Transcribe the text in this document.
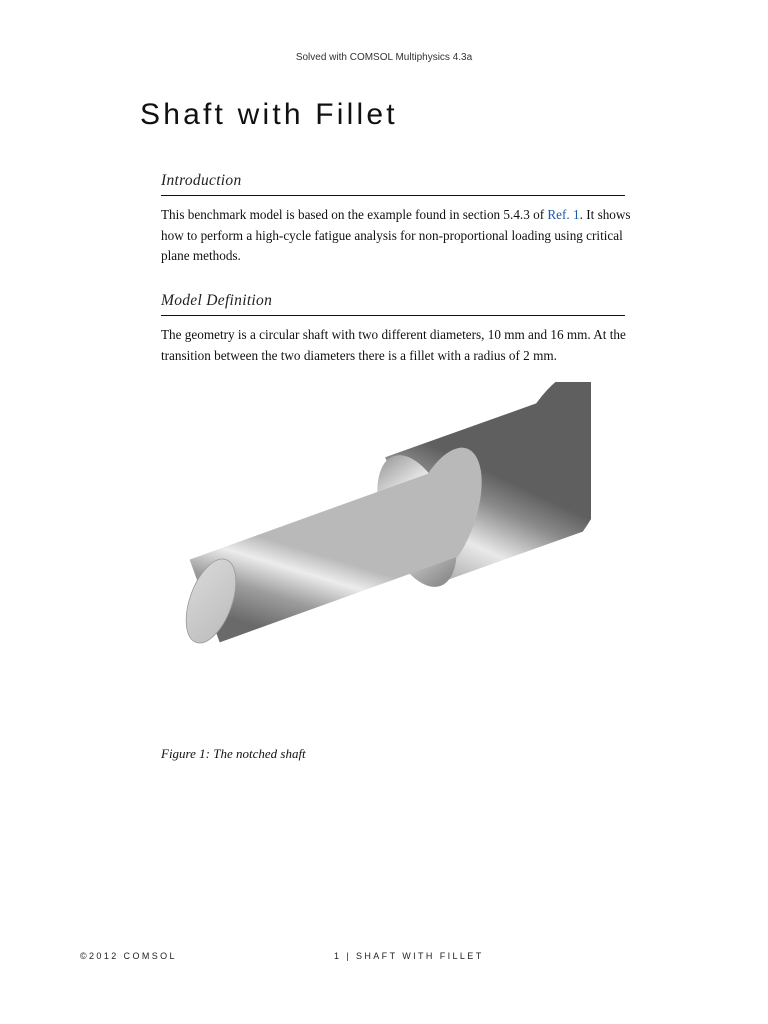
Solved with COMSOL Multiphysics 4.3a
Shaft with Fillet
Introduction

This benchmark model is based on the example found in section 5.4.3 of Ref. 1. It shows how to perform a high-cycle fatigue analysis for non-proportional loading using critical plane methods.

Model Definition

The geometry is a circular shaft with two different diameters, 10 mm and 16 mm. At the transition between the two diameters there is a fillet with a radius of 2 mm.

Figure 1: The notched shaft

©2012 COMSOL	1 | SHAFT WITH FILLET
